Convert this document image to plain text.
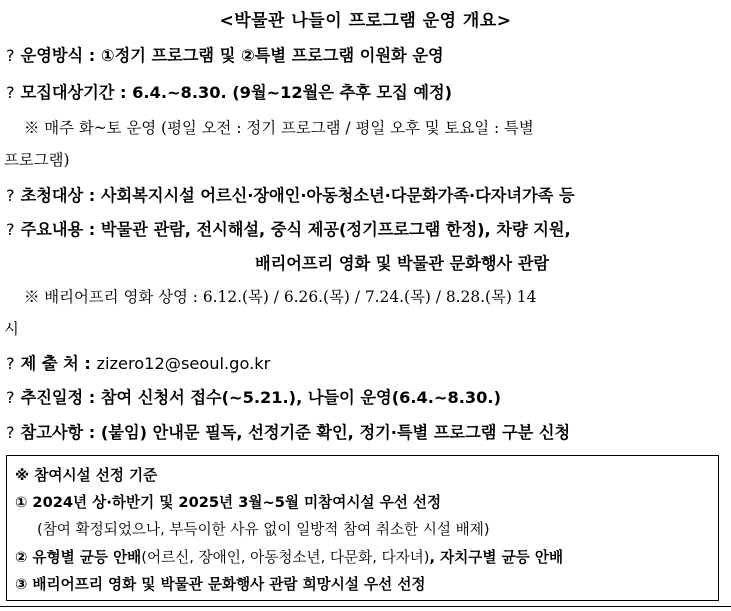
<박물관 나들이 프로그램 운영 개요>
? 운영방식 : ①정기 프로그램 및 ②특별 프로그램 이원화 운영
? 모집대상기간 : 6.4.~8.30. (9월~12월은 추후 모집 예정)
※ 매주 화~토 운영 (평일 오전 : 정기 프로그램 / 평일 오후 및 토요일 : 특별
프로그램)
? 초청대상 : 사회복지시설 어르신·장애인·아동청소년·다문화가족·다자녀가족 등
? 주요내용 : 박물관 관람, 전시해설, 중식 제공(정기프로그램 한정), 차량 지원,
배리어프리 영화 및 박물관 문화행사 관람
※ 배리어프리 영화 상영 : 6.12.(목) / 6.26.(목) / 7.24.(목) / 8.28.(목) 14
시
? 제 출 처 : zizero12@seoul.go.kr
? 추진일정 : 참여 신청서 접수(~5.21.), 나들이 운영(6.4.~8.30.)
? 참고사항 : (붙임) 안내문 필독, 선정기준 확인, 정기·특별 프로그램 구분 신청
※ 참여시설 선정 기준
① 2024년 상·하반기 및 2025년 3월~5월 미참여시설 우선 선정
(참여 확정되었으나, 부득이한 사유 없이 일방적 참여 취소한 시설 배제)
② 유형별 균등 안배(어르신, 장애인, 아동청소년, 다문화, 다자녀), 자치구별 균등 안배
③ 배리어프리 영화 및 박물관 문화행사 관람 희망시설 우선 선정
